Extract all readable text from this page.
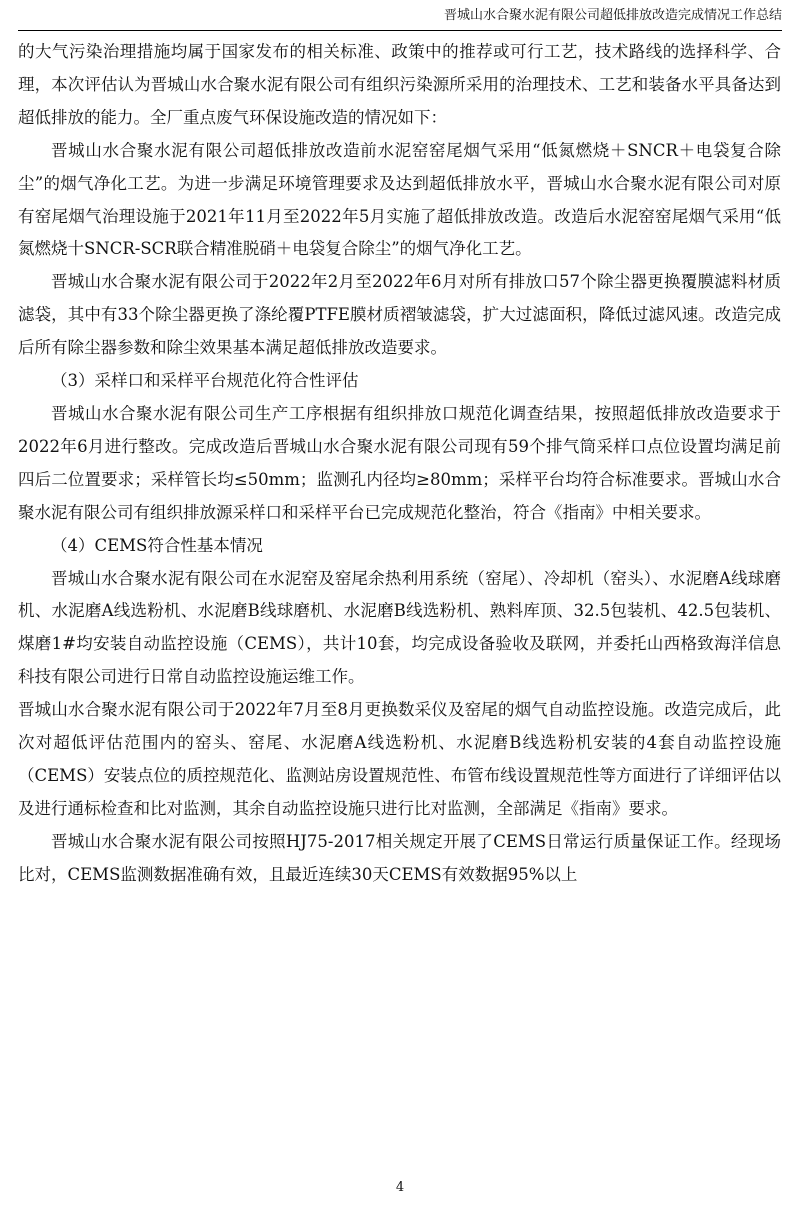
晋城山水合聚水泥有限公司超低排放改造完成情况工作总结

的大气污染治理措施均属于国家发布的相关标准、政策中的推荐或可行工艺，技术路线的选择科学、合理，本次评估认为晋城山水合聚水泥有限公司有组织污染源所采用的治理技术、工艺和装备水平具备达到超低排放的能力。全厂重点废气环保设施改造的情况如下：

晋城山水合聚水泥有限公司超低排放改造前水泥窑窑尾烟气采用“低氮燃烧＋SNCR＋电袋复合除尘”的烟气净化工艺。为进一步满足环境管理要求及达到超低排放水平，晋城山水合聚水泥有限公司对原有窑尾烟气治理设施于2021年11月至2022年5月实施了超低排放改造。改造后水泥窑窑尾烟气采用“低氮燃烧十SNCR-SCR联合精准脱硝＋电袋复合除尘”的烟气净化工艺。

晋城山水合聚水泥有限公司于2022年2月至2022年6月对所有排放口57个除尘器更换覆膜滤料材质滤袋，其中有33个除尘器更换了涤纶覆PTFE膜材质褶皱滤袋，扩大过滤面积，降低过滤风速。改造完成后所有除尘器参数和除尘效果基本满足超低排放改造要求。

（3）采样口和采样平台规范化符合性评估

晋城山水合聚水泥有限公司生产工序根据有组织排放口规范化调查结果，按照超低排放改造要求于2022年6月进行整改。完成改造后晋城山水合聚水泥有限公司现有59个排气筒采样口点位设置均满足前四后二位置要求；采样管长均≤50mm；监测孔内径均≥80mm；采样平台均符合标准要求。晋城山水合聚水泥有限公司有组织排放源采样口和采样平台已完成规范化整治，符合《指南》中相关要求。

（4）CEMS符合性基本情况

晋城山水合聚水泥有限公司在水泥窑及窑尾余热利用系统（窑尾）、冷却机（窑头）、水泥磨A线球磨机、水泥磨A线选粉机、水泥磨B线球磨机、水泥磨B线选粉机、熟料库顶、32.5包装机、42.5包装机、煤磨1#均安装自动监控设施（CEMS），共计10套，均完成设备验收及联网，并委托山西格致海洋信息科技有限公司进行日常自动监控设施运维工作。

晋城山水合聚水泥有限公司于2022年7月至8月更换数采仪及窑尾的烟气自动监控设施。改造完成后，此次对超低评估范围内的窑头、窑尾、水泥磨A线选粉机、水泥磨B线选粉机安装的4套自动监控设施（CEMS）安装点位的质控规范化、监测站房设置规范性、布管布线设置规范性等方面进行了详细评估以及进行通标检查和比对监测，其余自动监控设施只进行比对监测，全部满足《指南》要求。

晋城山水合聚水泥有限公司按照HJ75-2017相关规定开展了CEMS日常运行质量保证工作。经现场比对，CEMS监测数据准确有效，且最近连续30天CEMS有效数据95%以上

4
